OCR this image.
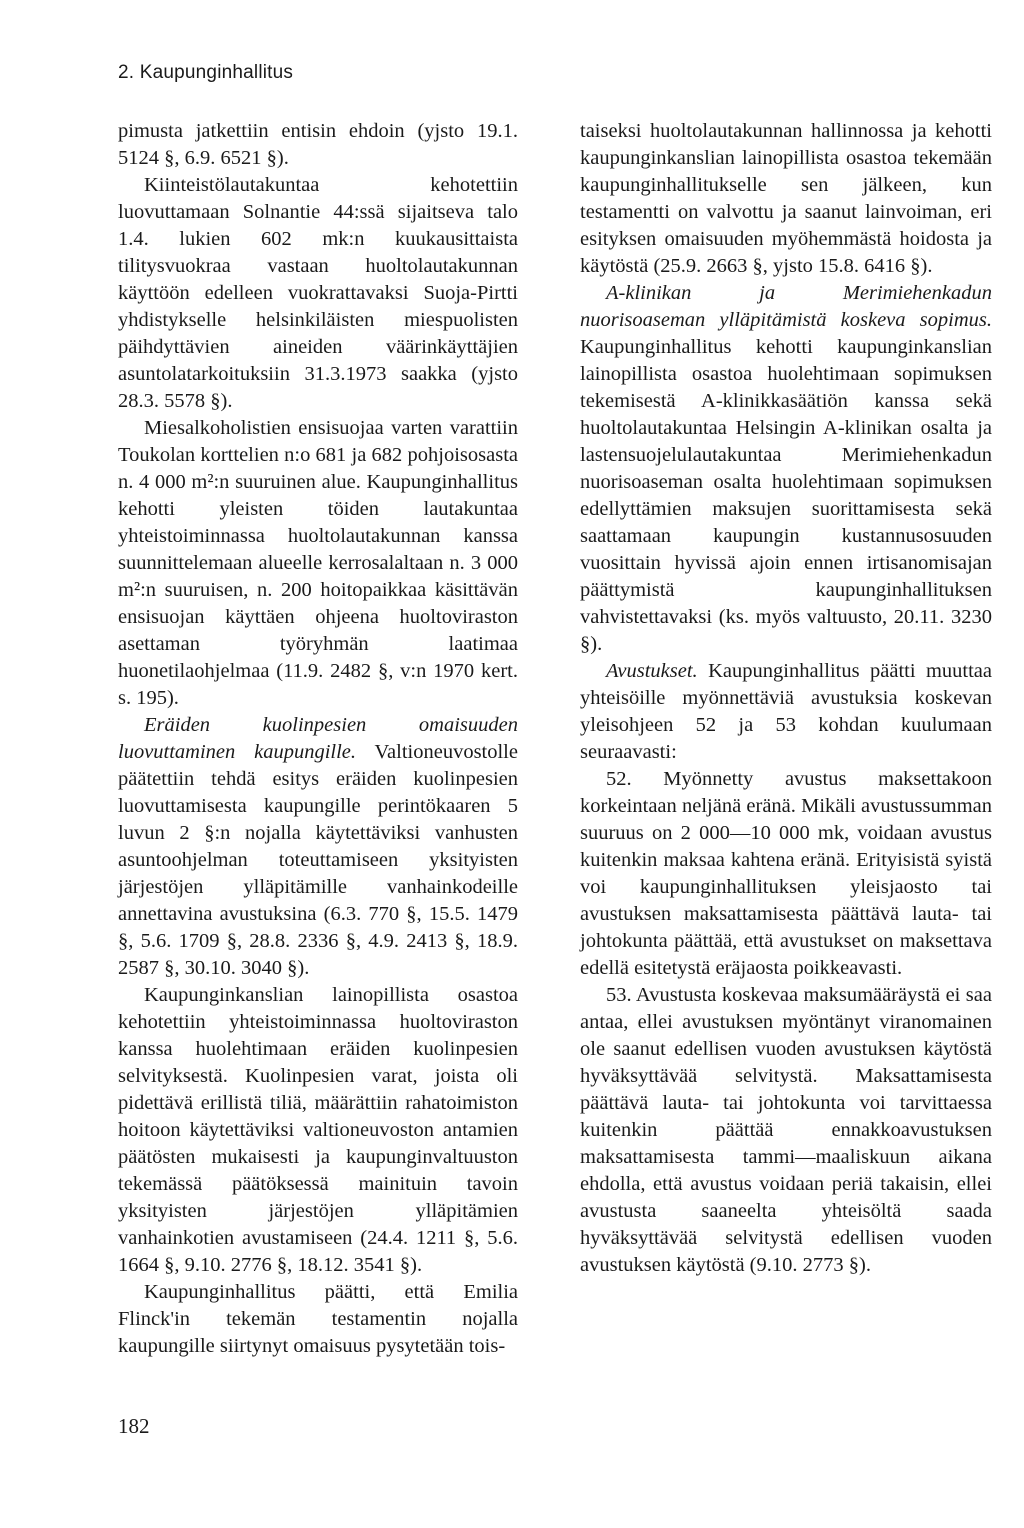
2. Kaupunginhallitus

pimusta jatkettiin entisin ehdoin (yjsto 19.1. 5124 §, 6.9. 6521 §).

Kiinteistölautakuntaa kehotettiin luovuttamaan Solnantie 44:ssä sijaitseva talo 1.4. lukien 602 mk:n kuukausittaista tilitysvuokraa vastaan huoltolautakunnan käyttöön edelleen vuokrattavaksi Suoja-Pirtti yhdistykselle helsinkiläisten miespuolisten päihdyttävien aineiden väärinkäyttäjien asuntolatarkoituksiin 31.3.1973 saakka (yjsto 28.3. 5578 §).

Miesalkoholistien ensisuojaa varten varattiin Toukolan korttelien n:o 681 ja 682 pohjoisosasta n. 4 000 m²:n suuruinen alue. Kaupunginhallitus kehotti yleisten töiden lautakuntaa yhteistoiminnassa huoltolautakunnan kanssa suunnittelemaan alueelle kerrosalaltaan n. 3 000 m²:n suuruisen, n. 200 hoitopaikkaa käsittävän ensisuojan käyttäen ohjeena huoltoviraston asettaman työryhmän laatimaa huonetilaohjelmaa (11.9. 2482 §, v:n 1970 kert. s. 195).

Eräiden kuolinpesien omaisuuden luovuttaminen kaupungille. Valtioneuvostolle päätettiin tehdä esitys eräiden kuolinpesien luovuttamisesta kaupungille perintökaaren 5 luvun 2 §:n nojalla käytettäviksi vanhusten asuntoohjelman toteuttamiseen yksityisten järjestöjen ylläpitämille vanhainkodeille annettavina avustuksina (6.3. 770 §, 15.5. 1479 §, 5.6. 1709 §, 28.8. 2336 §, 4.9. 2413 §, 18.9. 2587 §, 30.10. 3040 §).

Kaupunginkanslian lainopillista osastoa kehotettiin yhteistoiminnassa huoltoviraston kanssa huolehtimaan eräiden kuolinpesien selvityksestä. Kuolinpesien varat, joista oli pidettävä erillistä tiliä, määrättiin rahatoimiston hoitoon käytettäviksi valtioneuvoston antamien päätösten mukaisesti ja kaupunginvaltuuston tekemässä päätöksessä mainituin tavoin yksityisten järjestöjen ylläpitämien vanhainkotien avustamiseen (24.4. 1211 §, 5.6. 1664 §, 9.10. 2776 §, 18.12. 3541 §).

Kaupunginhallitus päätti, että Emilia Flinck'in tekemän testamentin nojalla kaupungille siirtynyt omaisuus pysytetään tois-

taiseksi huoltolautakunnan hallinnossa ja kehotti kaupunginkanslian lainopillista osastoa tekemään kaupunginhallitukselle sen jälkeen, kun testamentti on valvottu ja saanut lainvoiman, eri esityksen omaisuuden myöhemmästä hoidosta ja käytöstä (25.9. 2663 §, yjsto 15.8. 6416 §).

A-klinikan ja Merimiehenkadun nuorisoaseman ylläpitämistä koskeva sopimus. Kaupunginhallitus kehotti kaupunginkanslian lainopillista osastoa huolehtimaan sopimuksen tekemisestä A-klinikkasäätiön kanssa sekä huoltolautakuntaa Helsingin A-klinikan osalta ja lastensuojelulautakuntaa Merimiehenkadun nuorisoaseman osalta huolehtimaan sopimuksen edellyttämien maksujen suorittamisesta sekä saattamaan kaupungin kustannusosuuden vuosittain hyvissä ajoin ennen irtisanomisajan päättymistä kaupunginhallituksen vahvistettavaksi (ks. myös valtuusto, 20.11. 3230 §).

Avustukset. Kaupunginhallitus päätti muuttaa yhteisöille myönnettäviä avustuksia koskevan yleisohjeen 52 ja 53 kohdan kuulumaan seuraavasti:

52. Myönnetty avustus maksettakoon korkeintaan neljänä eränä. Mikäli avustussumman suuruus on 2 000—10 000 mk, voidaan avustus kuitenkin maksaa kahtena eränä. Erityisistä syistä voi kaupunginhallituksen yleisjaosto tai avustuksen maksattamisesta päättävä lauta- tai johtokunta päättää, että avustukset on maksettava edellä esitetystä eräjaosta poikkeavasti.

53. Avustusta koskevaa maksumääräystä ei saa antaa, ellei avustuksen myöntänyt viranomainen ole saanut edellisen vuoden avustuksen käytöstä hyväksyttävää selvitystä. Maksattamisesta päättävä lauta- tai johtokunta voi tarvittaessa kuitenkin päättää ennakkoavustuksen maksattamisesta tammi—maaliskuun aikana ehdolla, että avustus voidaan periä takaisin, ellei avustusta saaneelta yhteisöltä saada hyväksyttävää selvitystä edellisen vuoden avustuksen käytöstä (9.10. 2773 §).

182
